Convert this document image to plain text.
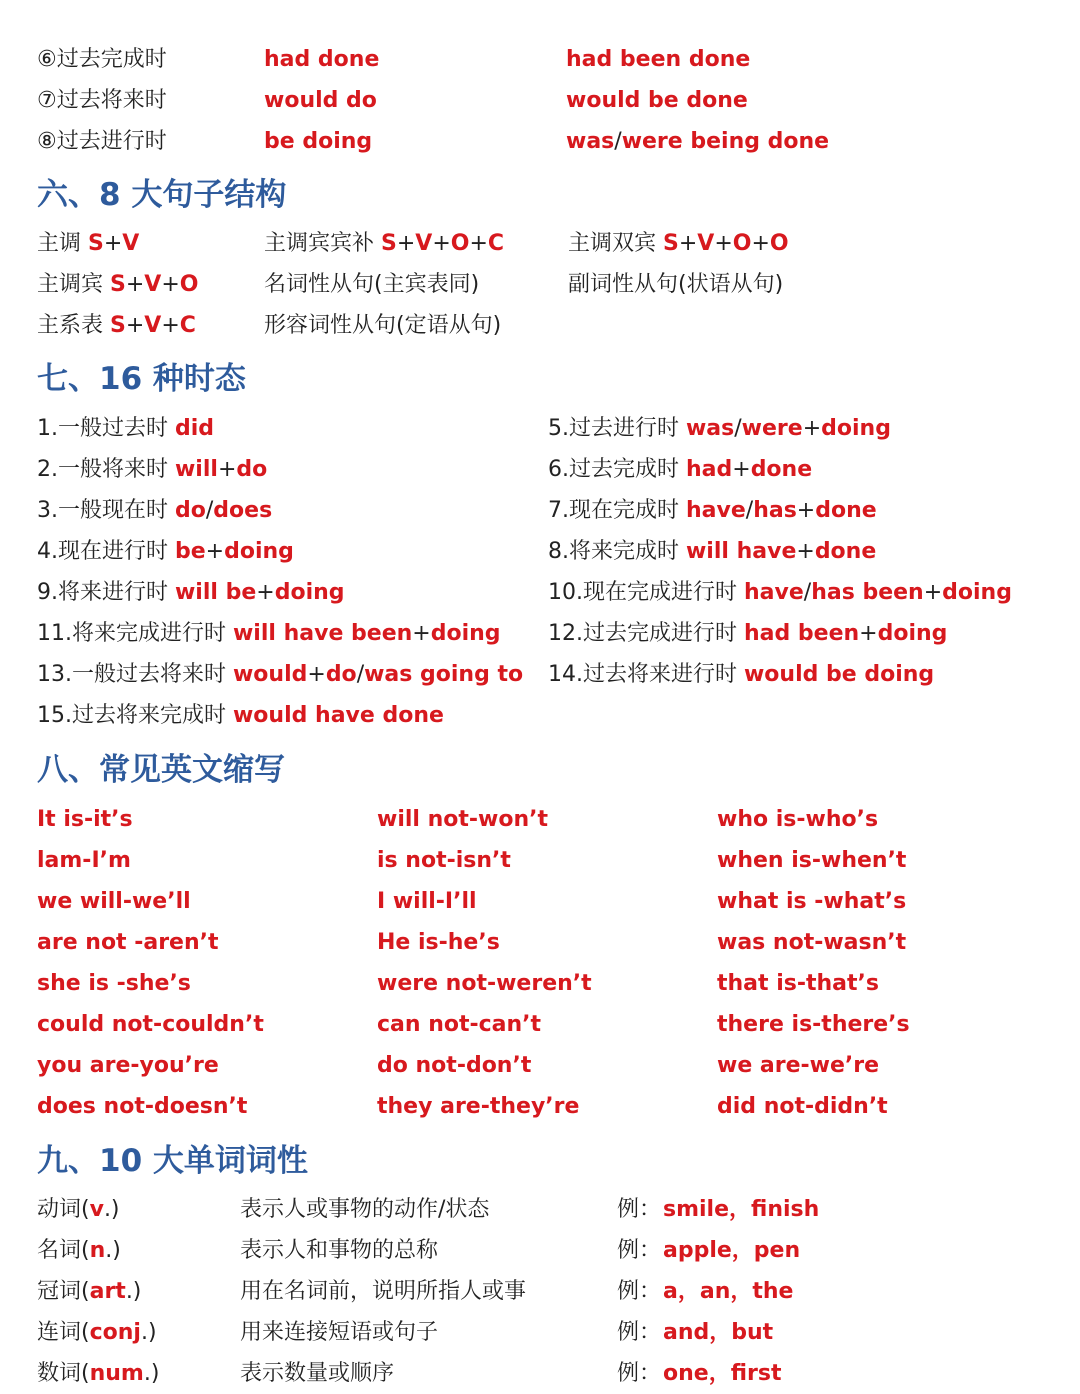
⑥过去完成时	had done	had been done
⑦过去将来时	would do	would be done
⑧过去进行时	be doing	was/were being done
六、8 大句子结构
主调 S+V	主调宾宾补 S+V+O+C	主调双宾 S+V+O+O
主调宾 S+V+O	名词性从句(主宾表同)	副词性从句(状语从句)
主系表 S+V+C	形容词性从句(定语从句)
七、16 种时态
1.一般过去时 did	5.过去进行时 was/were+doing
2.一般将来时 will+do	6.过去完成时 had+done
3.一般现在时 do/does	7.现在完成时 have/has+done
4.现在进行时 be+doing	8.将来完成时 will have+done
9.将来进行时 will be+doing	10.现在完成进行时 have/has been+doing
11.将来完成进行时 will have been+doing 12.过去完成进行时 had been+doing
13.一般过去将来时 would+do/was going to 14.过去将来进行时 would be doing
15.过去将来完成时 would have done
八、常见英文缩写
It is-it’s	will not-won’t	who is-who’s
lam-I’m	is not-isn’t	when is-when’t
we will-we’ll	I will-I’ll	what is -what’s
are not -aren’t	He is-he’s	was not-wasn’t
she is -she’s	were not-weren’t	that is-that’s
could not-couldn’t	can not-can’t	there is-there’s
you are-you’re	do not-don’t	we are-we’re
does not-doesn’t	they are-they’re	did not-didn’t
九、10 大单词词性
动词(v.)	表示人或事物的动作/状态	例： smile，finish
名词(n.)	表示人和事物的总称	例： apple，pen
冠词(art.)	用在名词前，说明所指人或事	例： a，an，the
连词(conj.)	用来连接短语或句子	例： and，but
数词(num.)	表示数量或顺序	例： one，first
